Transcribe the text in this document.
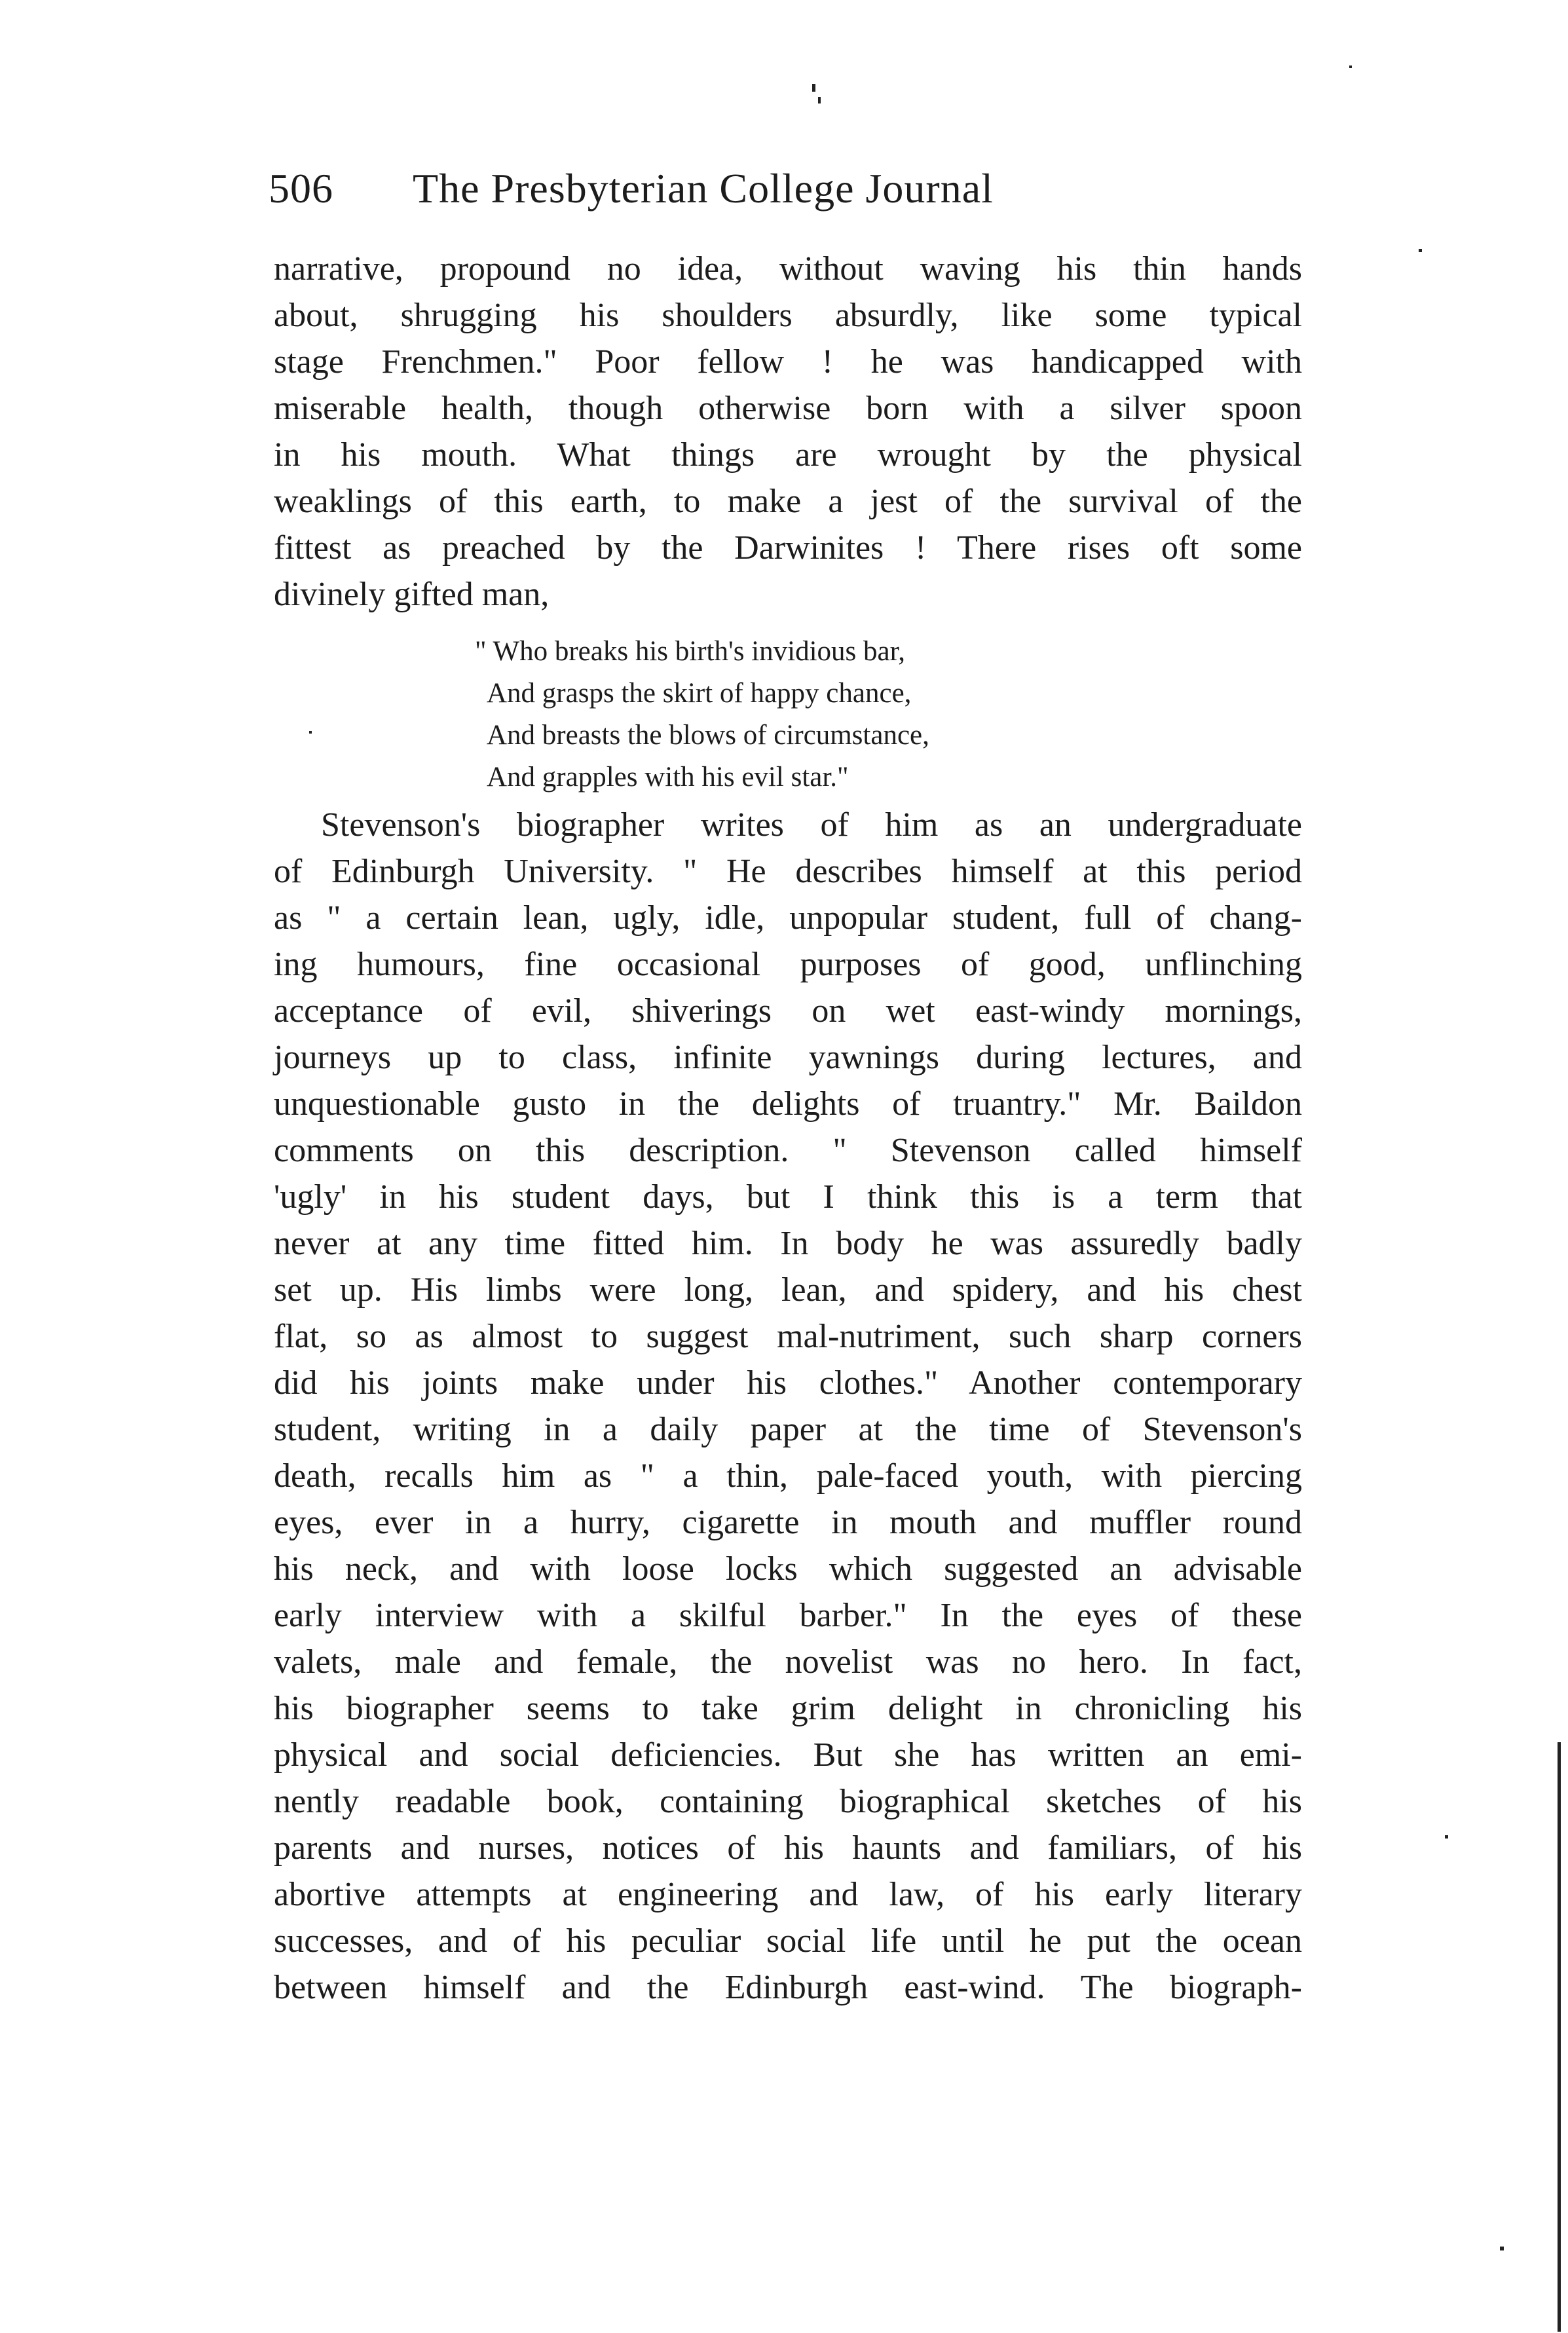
506 The Presbyterian College Journal
narrative, propound no idea, without waving his thin hands
about, shrugging his shoulders absurdly, like some typical
stage Frenchmen." Poor fellow ! he was handicapped with
miserable health, though otherwise born with a silver spoon
in his mouth. What things are wrought by the physical
weaklings of this earth, to make a jest of the survival of the
fittest as preached by the Darwinites ! There rises oft some
divinely gifted man,
" Who breaks his birth's invidious bar,
And grasps the skirt of happy chance,
And breasts the blows of circumstance,
And grapples with his evil star."
Stevenson's biographer writes of him as an undergraduate
of Edinburgh University. " He describes himself at this period
as " a certain lean, ugly, idle, unpopular student, full of chang-
ing humours, fine occasional purposes of good, unflinching
acceptance of evil, shiverings on wet east-windy mornings,
journeys up to class, infinite yawnings during lectures, and
unquestionable gusto in the delights of truantry." Mr. Baildon
comments on this description. " Stevenson called himself
'ugly' in his student days, but I think this is a term that
never at any time fitted him. In body he was assuredly badly
set up. His limbs were long, lean, and spidery, and his chest
flat, so as almost to suggest mal-nutriment, such sharp corners
did his joints make under his clothes." Another contemporary
student, writing in a daily paper at the time of Stevenson's
death, recalls him as " a thin, pale-faced youth, with piercing
eyes, ever in a hurry, cigarette in mouth and muffler round
his neck, and with loose locks which suggested an advisable
early interview with a skilful barber." In the eyes of these
valets, male and female, the novelist was no hero. In fact,
his biographer seems to take grim delight in chronicling his
physical and social deficiencies. But she has written an emi-
nently readable book, containing biographical sketches of his
parents and nurses, notices of his haunts and familiars, of his
abortive attempts at engineering and law, of his early literary
successes, and of his peculiar social life until he put the ocean
between himself and the Edinburgh east-wind. The biograph-
